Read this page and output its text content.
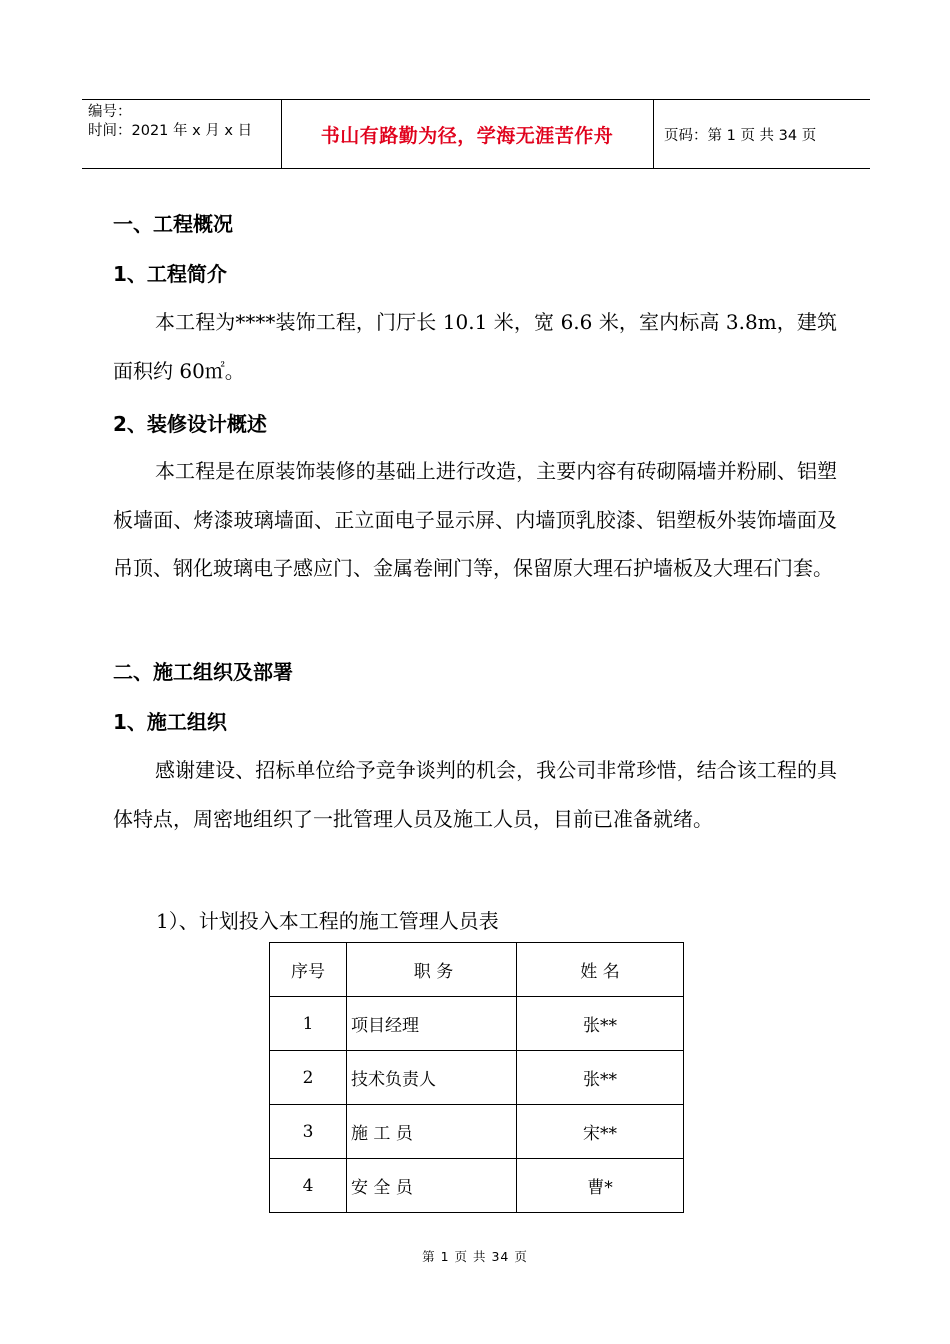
编号：
时间：2021 年 x 月 x 日	书山有路勤为径，学海无涯苦作舟	页码：第 1 页 共 34 页
一、工程概况
1、工程简介

本工程为****装饰工程，门厅长 10.1 米，宽 6.6 米，室内标高 3.8m，建筑面积约 60㎡。

2、装修设计概述

本工程是在原装饰装修的基础上进行改造，主要内容有砖砌隔墙并粉刷、铝塑板墙面、烤漆玻璃墙面、正立面电子显示屏、内墙顶乳胶漆、铝塑板外装饰墙面及吊顶、钢化玻璃电子感应门、金属卷闸门等，保留原大理石护墙板及大理石门套。

二、施工组织及部署
1、施工组织

感谢建设、招标单位给予竞争谈判的机会，我公司非常珍惜，结合该工程的具体特点，周密地组织了一批管理人员及施工人员，目前已准备就绪。

1）、计划投入本工程的施工管理人员表
序号	职 务	姓 名
1	项目经理	张**
2	技术负责人	张**
3	施 工 员	宋**
4	安 全 员	曹*
第 1 页 共 34 页
